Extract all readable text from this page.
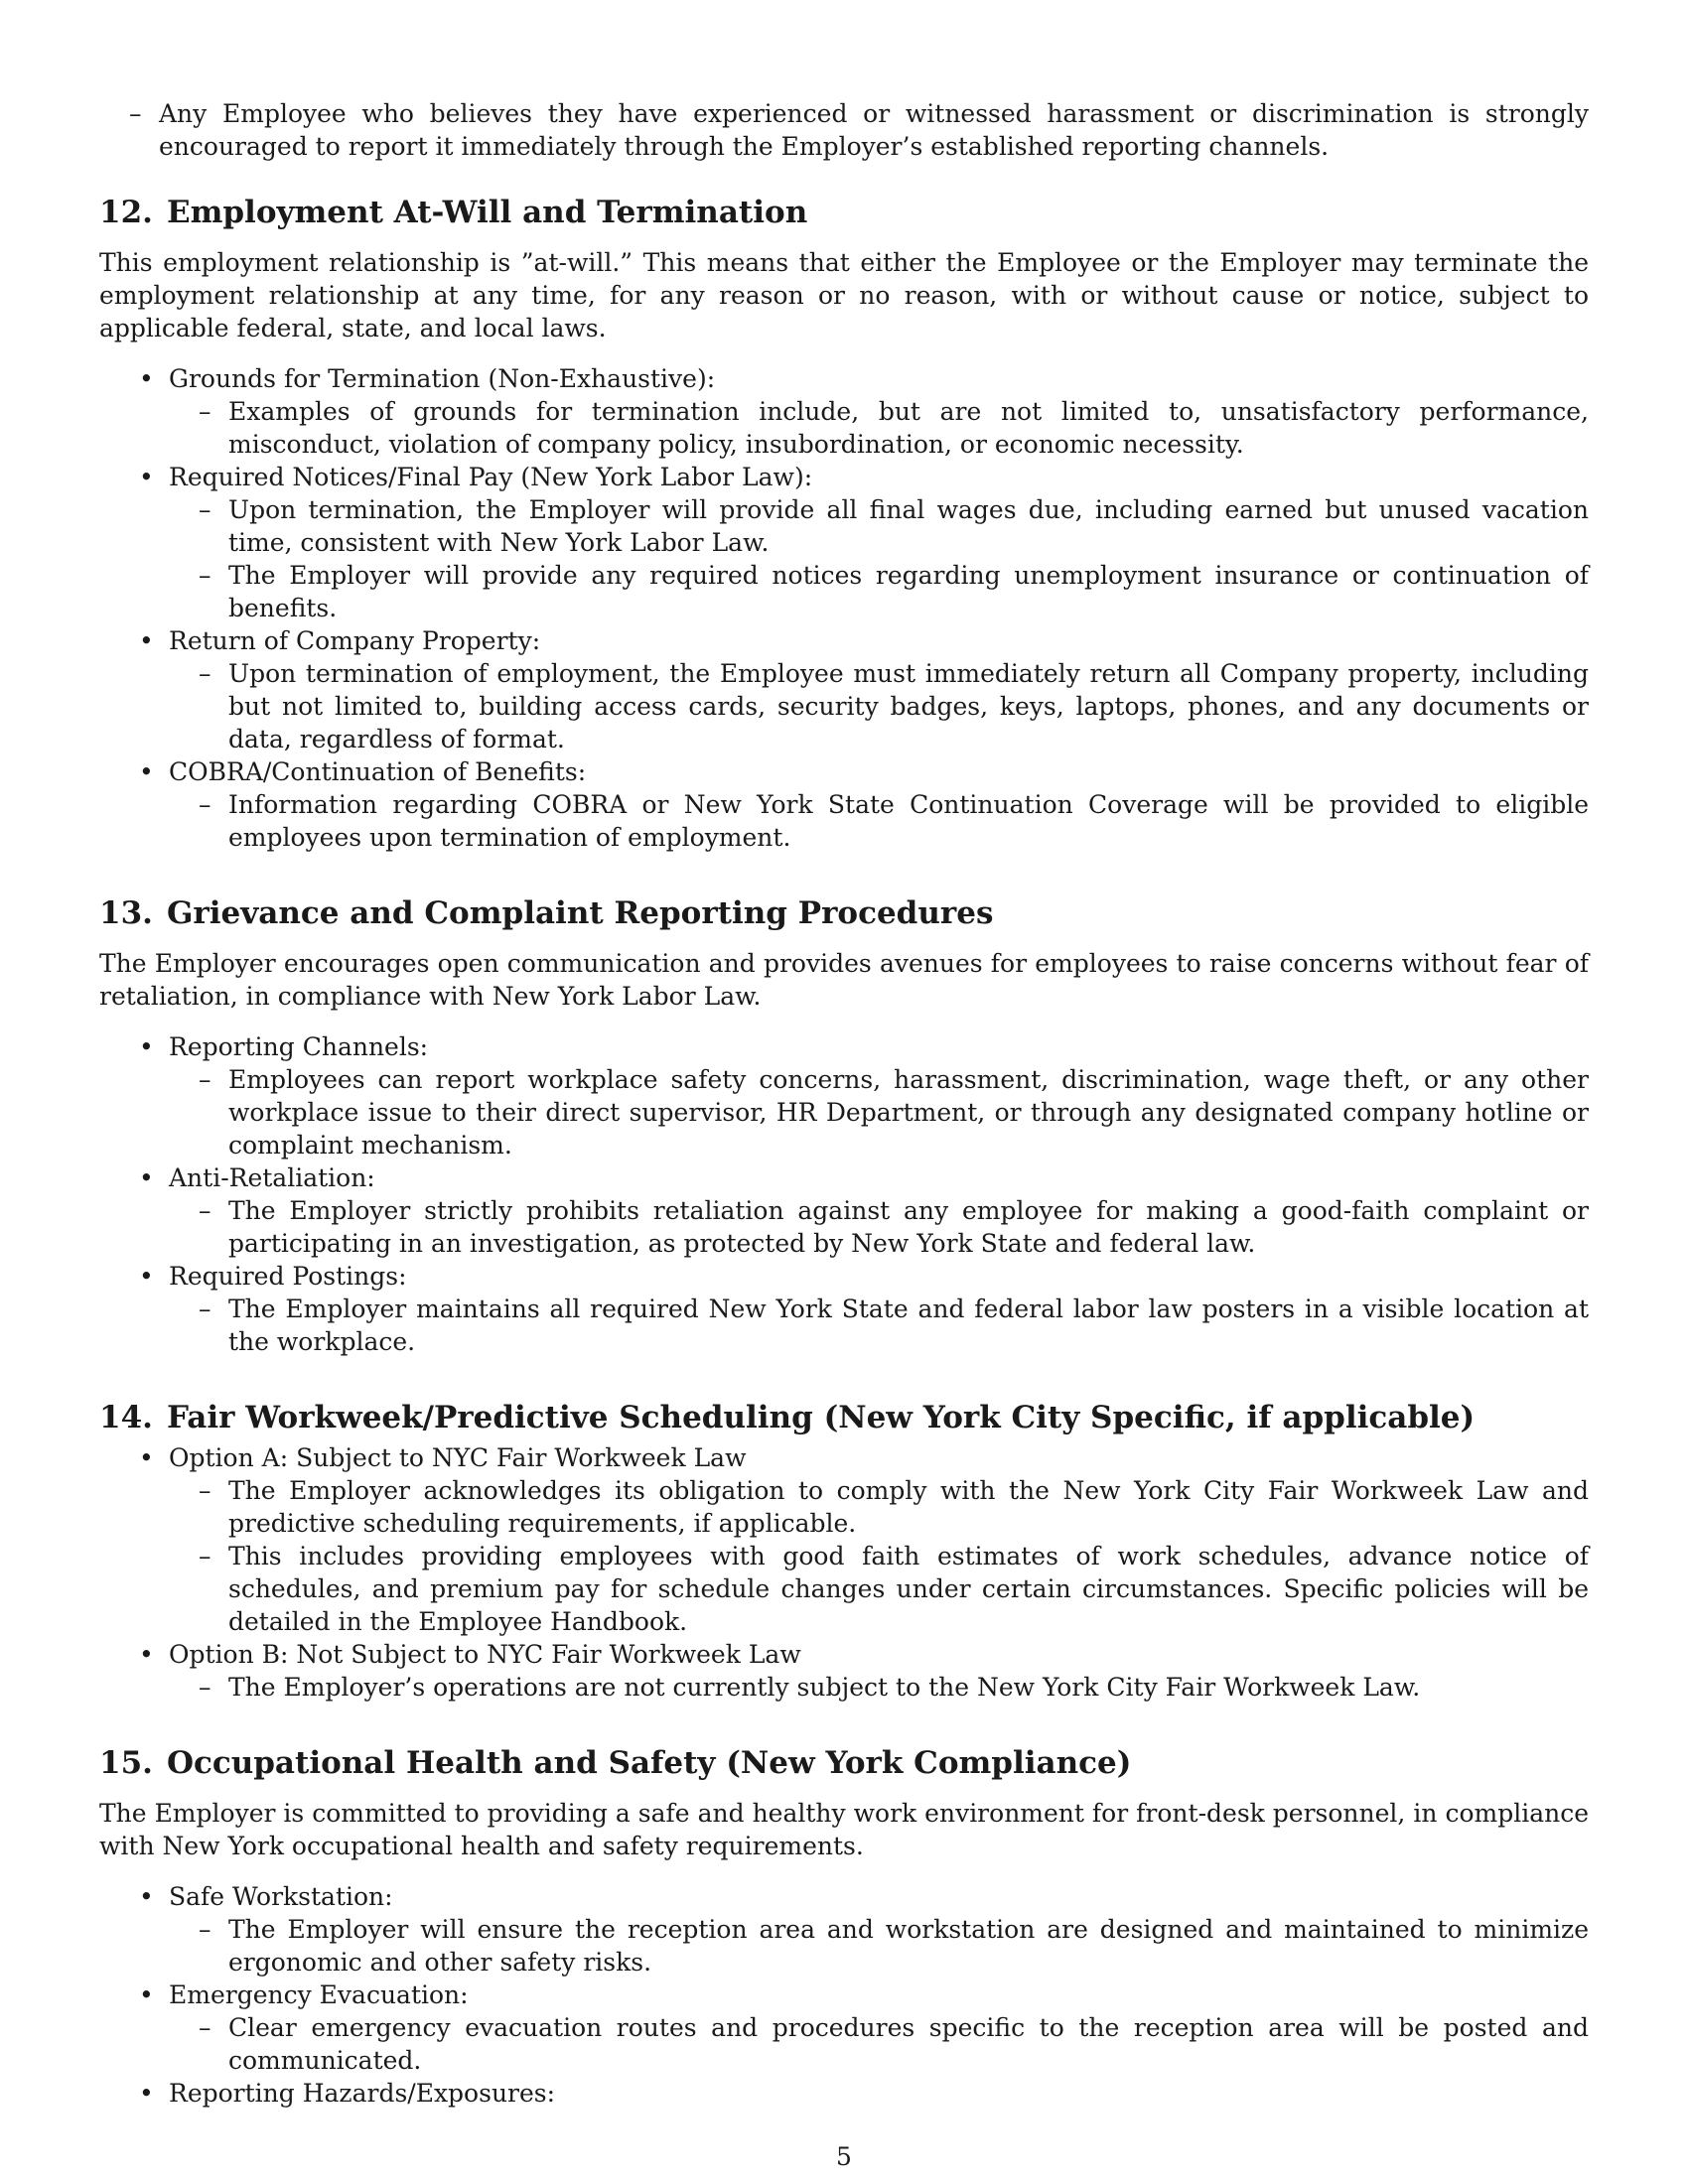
– Any Employee who believes they have experienced or witnessed harassment or discrimination is strongly encouraged to report it immediately through the Employer’s established reporting channels.
12. Employment At-Will and Termination

This employment relationship is ”at-will.” This means that either the Employee or the Employer may terminate the employment relationship at any time, for any reason or no reason, with or without cause or notice, subject to applicable federal, state, and local laws.

• Grounds for Termination (Non-Exhaustive):
– Examples of grounds for termination include, but are not limited to, unsatisfactory performance, misconduct, violation of company policy, insubordination, or economic necessity.
• Required Notices/Final Pay (New York Labor Law):
– Upon termination, the Employer will provide all final wages due, including earned but unused vacation time, consistent with New York Labor Law.
– The Employer will provide any required notices regarding unemployment insurance or continuation of benefits.
• Return of Company Property:
– Upon termination of employment, the Employee must immediately return all Company property, including but not limited to, building access cards, security badges, keys, laptops, phones, and any documents or data, regardless of format.
• COBRA/Continuation of Benefits:
– Information regarding COBRA or New York State Continuation Coverage will be provided to eligible employees upon termination of employment.
13. Grievance and Complaint Reporting Procedures

The Employer encourages open communication and provides avenues for employees to raise concerns without fear of retaliation, in compliance with New York Labor Law.

• Reporting Channels:
– Employees can report workplace safety concerns, harassment, discrimination, wage theft, or any other workplace issue to their direct supervisor, HR Department, or through any designated company hotline or complaint mechanism.
• Anti-Retaliation:
– The Employer strictly prohibits retaliation against any employee for making a good-faith complaint or participating in an investigation, as protected by New York State and federal law.
• Required Postings:
– The Employer maintains all required New York State and federal labor law posters in a visible location at the workplace.
14. Fair Workweek/Predictive Scheduling (New York City Specific, if applicable)
• Option A: Subject to NYC Fair Workweek Law
– The Employer acknowledges its obligation to comply with the New York City Fair Workweek Law and predictive scheduling requirements, if applicable.
– This includes providing employees with good faith estimates of work schedules, advance notice of schedules, and premium pay for schedule changes under certain circumstances. Specific policies will be detailed in the Employee Handbook.
• Option B: Not Subject to NYC Fair Workweek Law
– The Employer’s operations are not currently subject to the New York City Fair Workweek Law.
15. Occupational Health and Safety (New York Compliance)

The Employer is committed to providing a safe and healthy work environment for front-desk personnel, in compliance with New York occupational health and safety requirements.

• Safe Workstation:
– The Employer will ensure the reception area and workstation are designed and maintained to minimize ergonomic and other safety risks.
• Emergency Evacuation:
– Clear emergency evacuation routes and procedures specific to the reception area will be posted and communicated.
• Reporting Hazards/Exposures:
5
